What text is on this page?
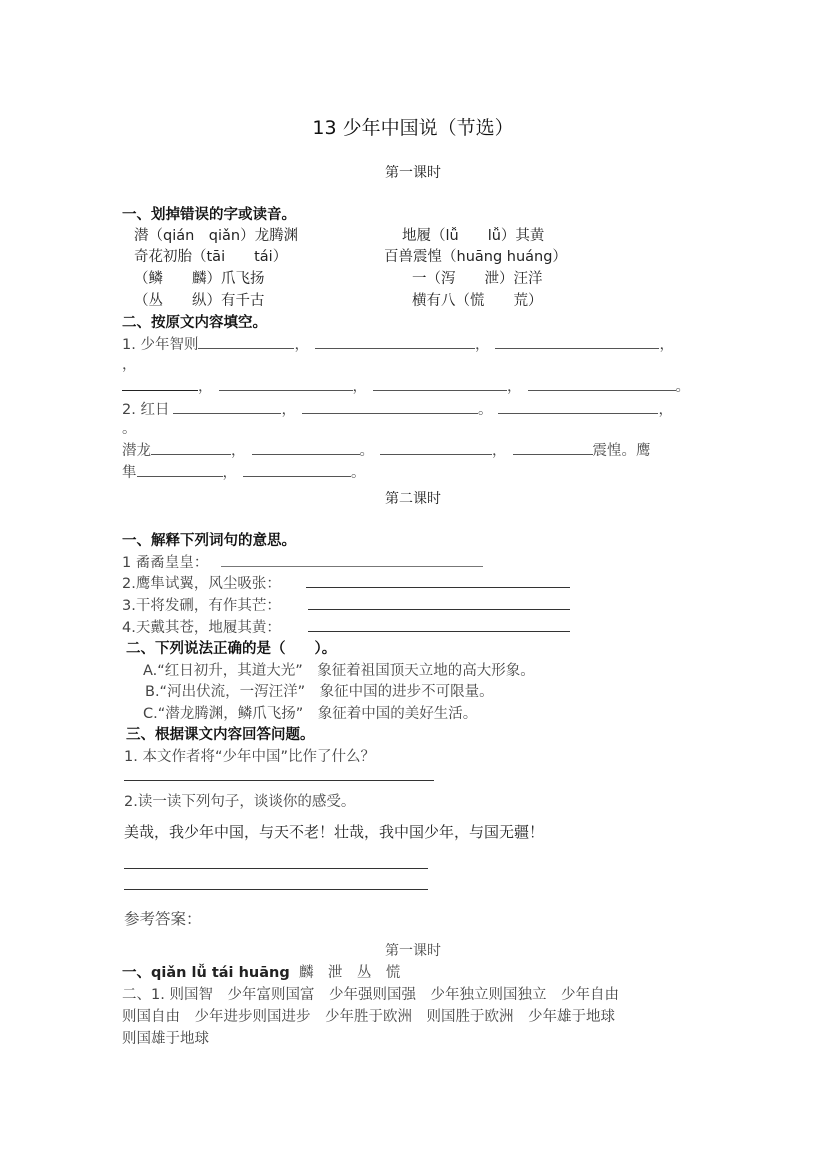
13 少年中国说（节选）
第一课时
一、划掉错误的字或读音。
潜（qián　qiǎn）龙腾渊	地履（lǚ　　lǚ）其黄
奇花初胎（tāi　　tái）	百兽震惶（huāng huáng）
（鳞　　麟）爪飞扬	一（泻　　泄）汪洋
（丛　　纵）有千古	横有八（慌　　荒）
二、按原文内容填空。
1. 少年智则	，	，	，
，
，	，	，	。
2. 红日	，	。	，
。
潜龙	，	。	，	震惶。鹰
隼	，	。
第二课时
一、解释下列词句的意思。
1 矞矞皇皇：
2.鹰隼试翼，风尘吸张：
3.干将发硎，有作其芒：
4.天戴其苍，地履其黄：
二、下列说法正确的是（　　）。
A.“红日初升，其道大光”　象征着祖国顶天立地的高大形象。
B.“河出伏流，一泻汪洋”　象征中国的进步不可限量。
C.“潜龙腾渊，鳞爪飞扬”　象征着中国的美好生活。
三、根据课文内容回答问题。
1. 本文作者将“少年中国”比作了什么？
2.读一读下列句子，谈谈你的感受。
美哉，我少年中国，与天不老！壮哉，我中国少年，与国无疆！
参考答案：
第一课时
一、qiǎn lǚ tái huāng 麟　泄　丛　慌
二、1. 则国智　少年富则国富　少年强则国强　少年独立则国独立　少年自由
则国自由　少年进步则国进步　少年胜于欧洲　则国胜于欧洲　少年雄于地球
则国雄于地球
